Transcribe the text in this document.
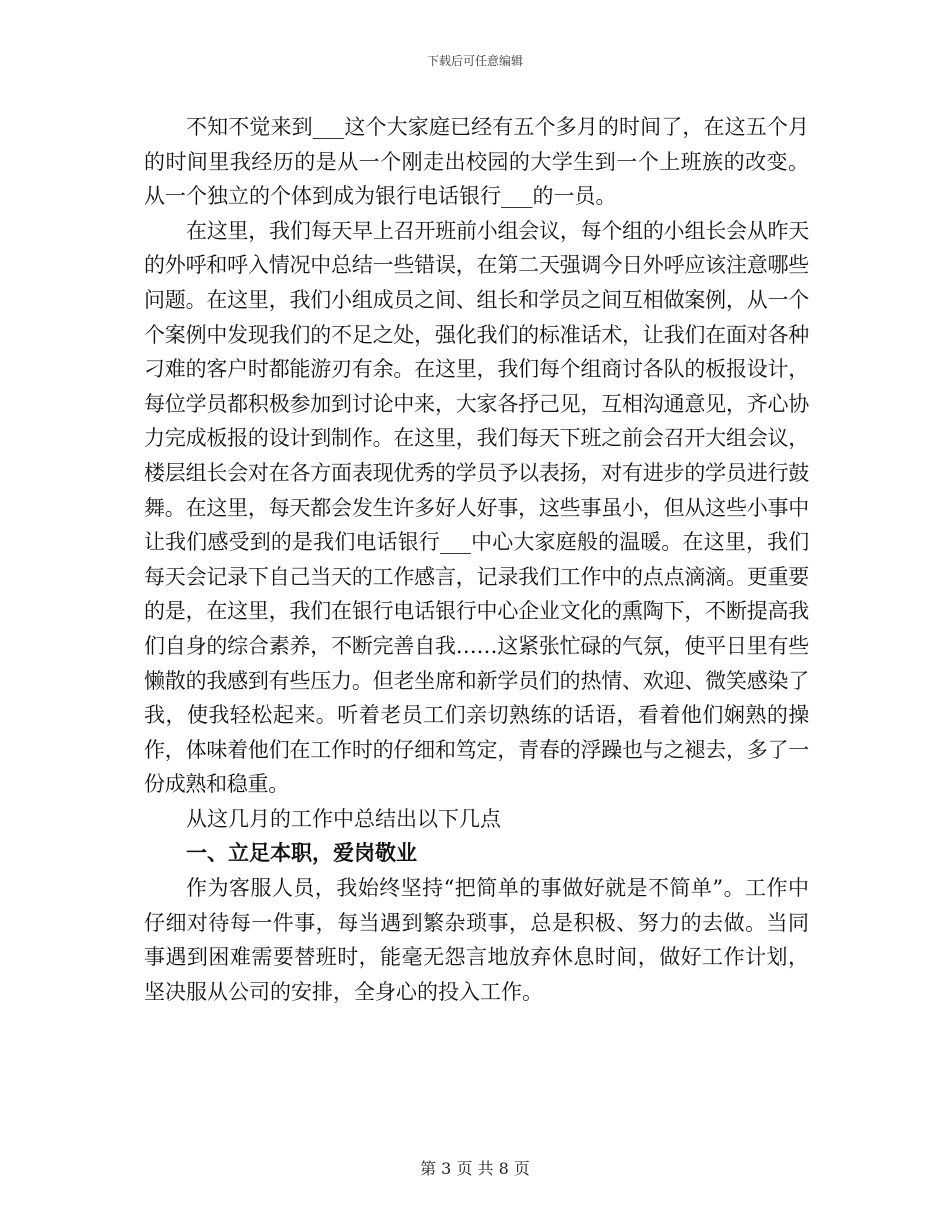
下载后可任意编辑

不知不觉来到___这个大家庭已经有五个多月的时间了，在这五个月的时间里我经历的是从一个刚走出校园的大学生到一个上班族的改变。从一个独立的个体到成为银行电话银行___的一员。

在这里，我们每天早上召开班前小组会议，每个组的小组长会从昨天的外呼和呼入情况中总结一些错误，在第二天强调今日外呼应该注意哪些问题。在这里，我们小组成员之间、组长和学员之间互相做案例，从一个个案例中发现我们的不足之处，强化我们的标准话术，让我们在面对各种刁难的客户时都能游刃有余。在这里，我们每个组商讨各队的板报设计，每位学员都积极参加到讨论中来，大家各抒己见，互相沟通意见，齐心协力完成板报的设计到制作。在这里，我们每天下班之前会召开大组会议，楼层组长会对在各方面表现优秀的学员予以表扬，对有进步的学员进行鼓舞。在这里，每天都会发生许多好人好事，这些事虽小，但从这些小事中让我们感受到的是我们电话银行___中心大家庭般的温暖。在这里，我们每天会记录下自己当天的工作感言，记录我们工作中的点点滴滴。更重要的是，在这里，我们在银行电话银行中心企业文化的熏陶下，不断提高我们自身的综合素养，不断完善自我……这紧张忙碌的气氛，使平日里有些懒散的我感到有些压力。但老坐席和新学员们的热情、欢迎、微笑感染了我，使我轻松起来。听着老员工们亲切熟练的话语，看着他们娴熟的操作，体味着他们在工作时的仔细和笃定，青春的浮躁也与之褪去，多了一份成熟和稳重。

从这几月的工作中总结出以下几点

一、立足本职，爱岗敬业

作为客服人员，我始终坚持“把简单的事做好就是不简单”。工作中仔细对待每一件事，每当遇到繁杂琐事，总是积极、努力的去做。当同事遇到困难需要替班时，能毫无怨言地放弃休息时间，做好工作计划，坚决服从公司的安排，全身心的投入工作。

第 3 页 共 8 页
